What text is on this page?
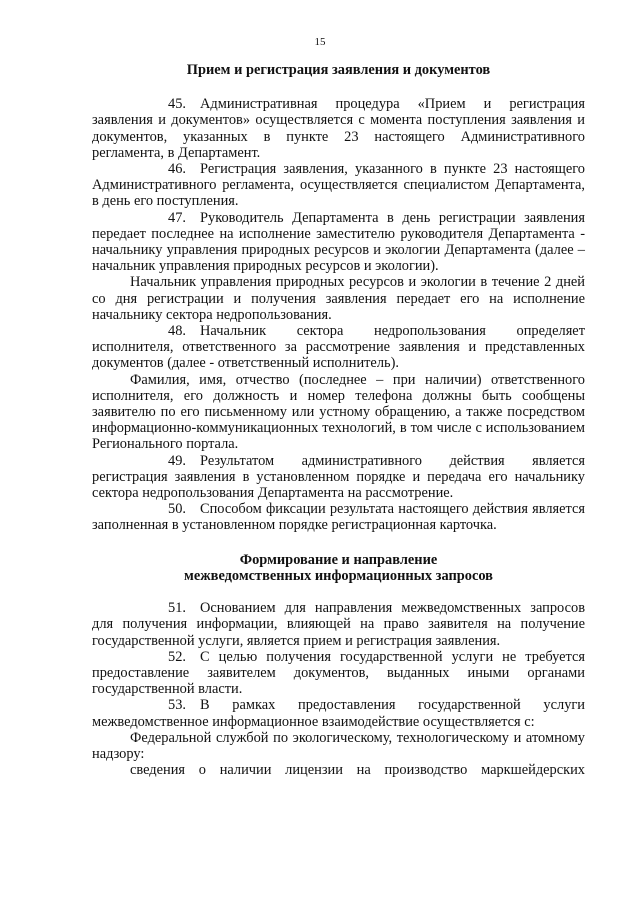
15
Прием и регистрация заявления и документов

45. Административная процедура «Прием и регистрация заявления и документов» осуществляется с момента поступления заявления и документов, указанных в пункте 23 настоящего Административного регламента, в Департамент.

46. Регистрация заявления, указанного в пункте 23 настоящего Административного регламента, осуществляется специалистом Департамента, в день его поступления.

47. Руководитель Департамента в день регистрации заявления передает последнее на исполнение заместителю руководителя Департамента - начальнику управления природных ресурсов и экологии Департамента (далее – начальник управления природных ресурсов и экологии).

Начальник управления природных ресурсов и экологии в течение 2 дней со дня регистрации и получения заявления передает его на исполнение начальнику сектора недропользования.

48. Начальник сектора недропользования определяет исполнителя, ответственного за рассмотрение заявления и представленных документов (далее - ответственный исполнитель).

Фамилия, имя, отчество (последнее – при наличии) ответственного исполнителя, его должность и номер телефона должны быть сообщены заявителю по его письменному или устному обращению, а также посредством информационно-коммуникационных технологий, в том числе с использованием Регионального портала.

49. Результатом административного действия является регистрация заявления в установленном порядке и передача его начальнику сектора недропользования Департамента на рассмотрение.

50. Способом фиксации результата настоящего действия является заполненная в установленном порядке регистрационная карточка.

Формирование и направление
межведомственных информационных запросов

51. Основанием для направления межведомственных запросов для получения информации, влияющей на право заявителя на получение государственной услуги, является прием и регистрация заявления.

52. С целью получения государственной услуги не требуется предоставление заявителем документов, выданных иными органами государственной власти.

53. В рамках предоставления государственной услуги межведомственное информационное взаимодействие осуществляется с:

Федеральной службой по экологическому, технологическому и атомному надзору:

сведения о наличии лицензии на производство маркшейдерских
